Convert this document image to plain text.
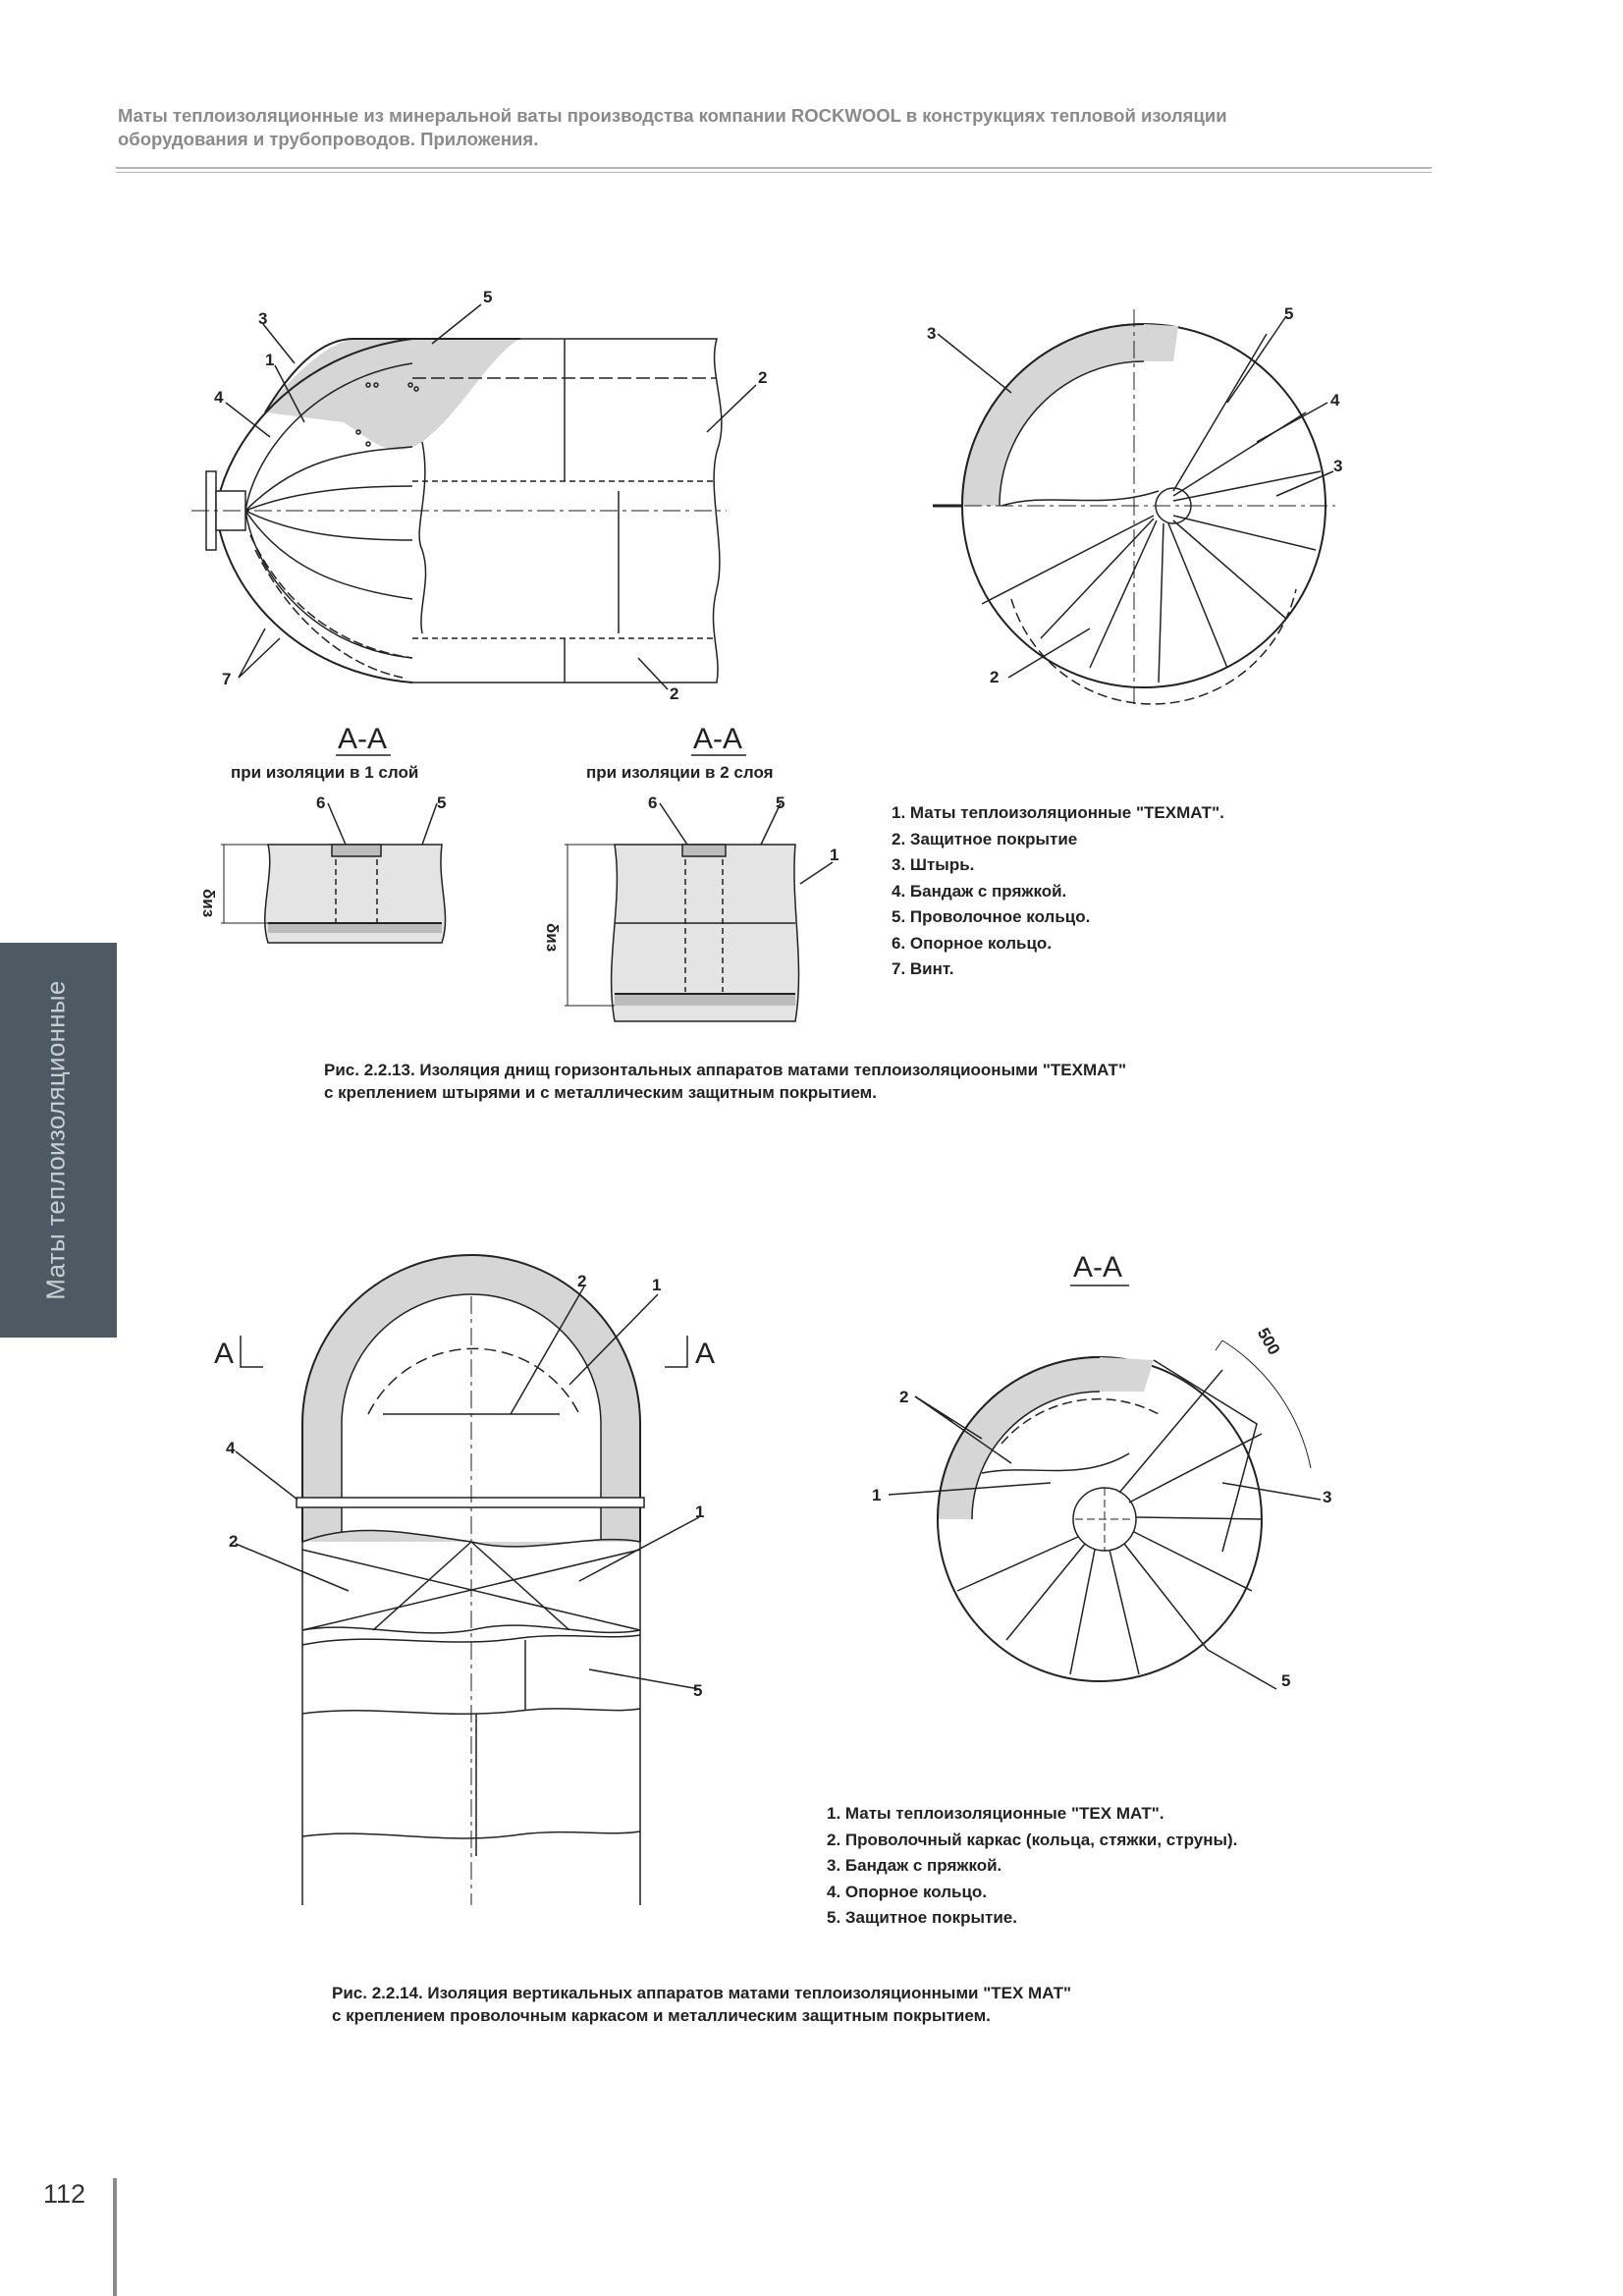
Маты теплоизоляционные из минеральной ваты производства компании ROCKWOOL в конструкциях тепловой изоляции
оборудования и трубопроводов. Приложения.
Маты теплоизоляционные
3
1
4
5
2
2
7
3
5
4
3
2
А-А
при изоляции в 1 слой
А-А
при изоляции в 2 слоя
δиз
6	5
δиз
6	5
1
2	1
А	А
4
2
1
5
А-А
2
1	3
5
500
1. Маты теплоизоляционные "ТЕХМАТ".
2. Защитное покрытие
3. Штырь.
4. Бандаж с пряжкой.
5. Проволочное кольцо.
6. Опорное кольцо.
7. Винт.
Рис. 2.2.13. Изоляция днищ горизонтальных аппаратов матами теплоизоляциооными "ТЕХМАТ"
с креплением штырями и с металлическим защитным покрытием.
1. Маты теплоизоляционные "ТЕХ МАТ".
2. Проволочный каркас (кольца, стяжки, струны).
3. Бандаж с пряжкой.
4. Опорное кольцо.
5. Защитное покрытие.
Рис. 2.2.14. Изоляция вертикальных аппаратов матами теплоизоляционными "ТЕХ МАТ"
с креплением проволочным каркасом и металлическим защитным покрытием.
112
